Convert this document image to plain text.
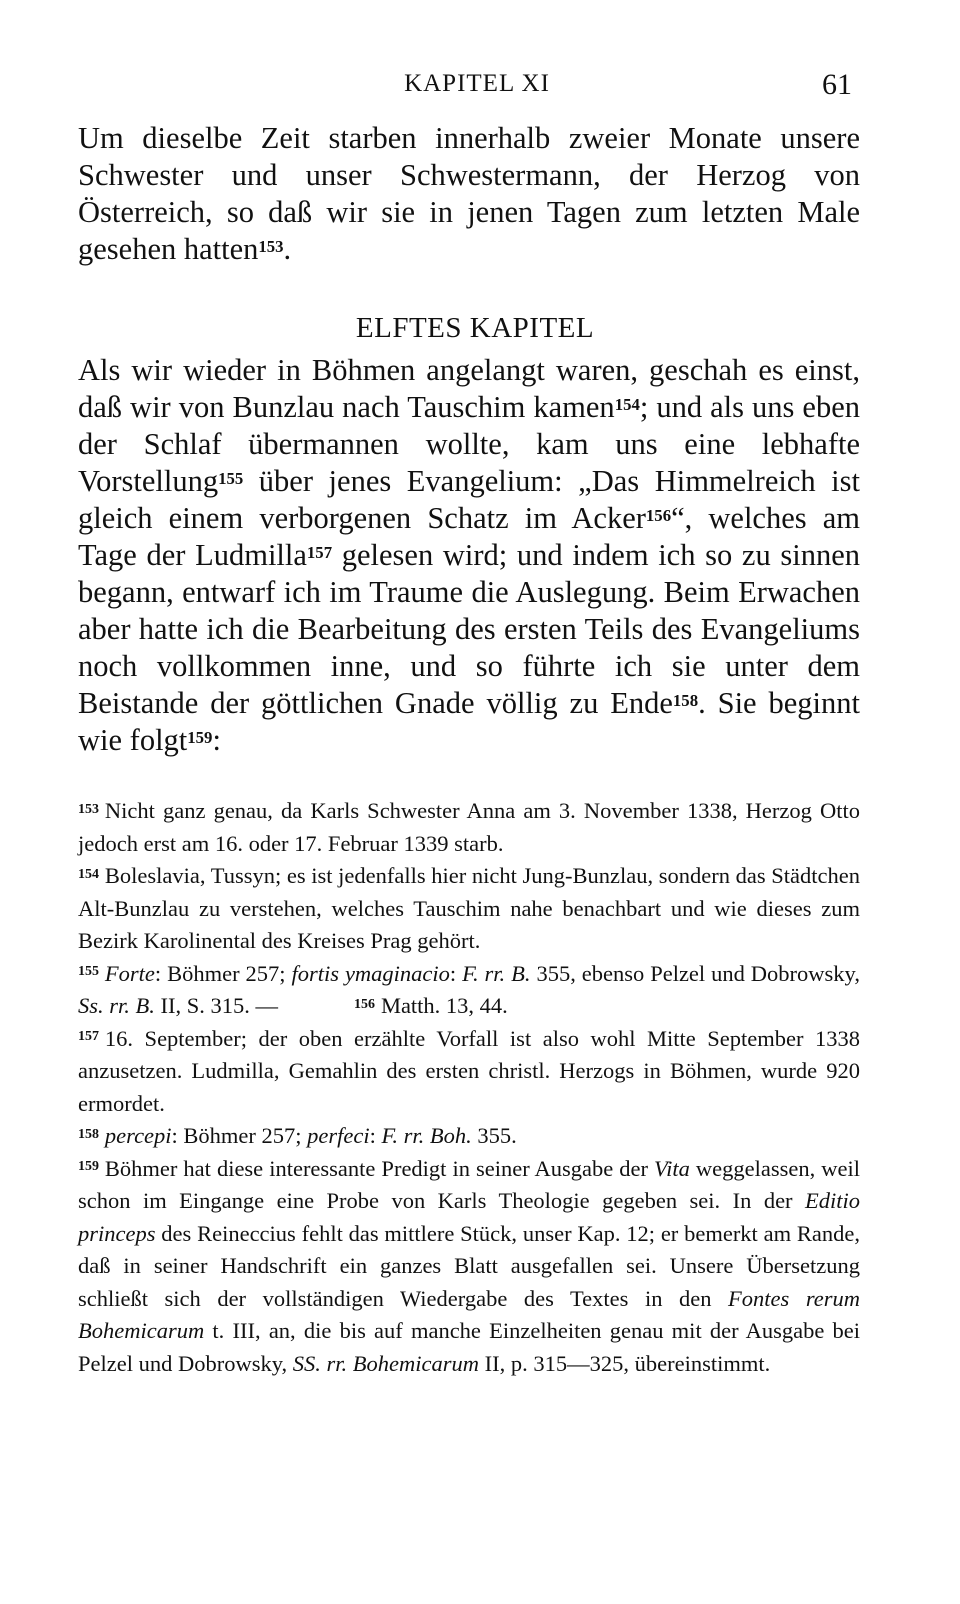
KAPITEL XI	61

Um dieselbe Zeit starben innerhalb zweier Monate unsere Schwester und unser Schwestermann, der Herzog von Österreich, so daß wir sie in jenen Tagen zum letzten Male gesehen hatten$^{153}$.

ELFTES KAPITEL

Als wir wieder in Böhmen angelangt waren, geschah es einst, daß wir von Bunzlau nach Tauschim kamen$^{154}$; und als uns eben der Schlaf übermannen wollte, kam uns eine lebhafte Vorstellung$^{155}$ über jenes Evangelium: „Das Himmelreich ist gleich einem verborgenen Schatz im Acker$^{156}$“, welches am Tage der Ludmilla$^{157}$ gelesen wird; und indem ich so zu sinnen begann, entwarf ich im Traume die Auslegung. Beim Erwachen aber hatte ich die Bearbeitung des ersten Teils des Evangeliums noch vollkommen inne, und so führte ich sie unter dem Beistande der göttlichen Gnade völlig zu Ende$^{158}$. Sie beginnt wie folgt$^{159}$:

$^{153}$ Nicht ganz genau, da Karls Schwester Anna am 3. November 1338, Herzog Otto jedoch erst am 16. oder 17. Februar 1339 starb.

$^{154}$ Boleslavia, Tussyn; es ist jedenfalls hier nicht Jung-Bunzlau, sondern das Städtchen Alt-Bunzlau zu verstehen, welches Tauschim nahe benachbart und wie dieses zum Bezirk Karolinental des Kreises Prag gehört.

$^{155}$ Forte: Böhmer 257; fortis ymaginacio: F. rr. B. 355, ebenso Pelzel und Dobrowsky, Ss. rr. B. II, S. 315. —	$^{156}$ Matth. 13, 44.

$^{157}$ 16. September; der oben erzählte Vorfall ist also wohl Mitte September 1338 anzusetzen. Ludmilla, Gemahlin des ersten christl. Herzogs in Böhmen, wurde 920 ermordet.

$^{158}$ percepi: Böhmer 257; perfeci: F. rr. Boh. 355.

$^{159}$ Böhmer hat diese interessante Predigt in seiner Ausgabe der Vita weggelassen, weil schon im Eingange eine Probe von Karls Theologie gegeben sei. In der Editio princeps des Reineccius fehlt das mittlere Stück, unser Kap. 12; er bemerkt am Rande, daß in seiner Handschrift ein ganzes Blatt ausgefallen sei. Unsere Übersetzung schließt sich der vollständigen Wiedergabe des Textes in den Fontes rerum Bohemicarum t. III, an, die bis auf manche Einzelheiten genau mit der Ausgabe bei Pelzel und Dobrowsky, SS. rr. Bohemicarum II, p. 315—325, übereinstimmt.
